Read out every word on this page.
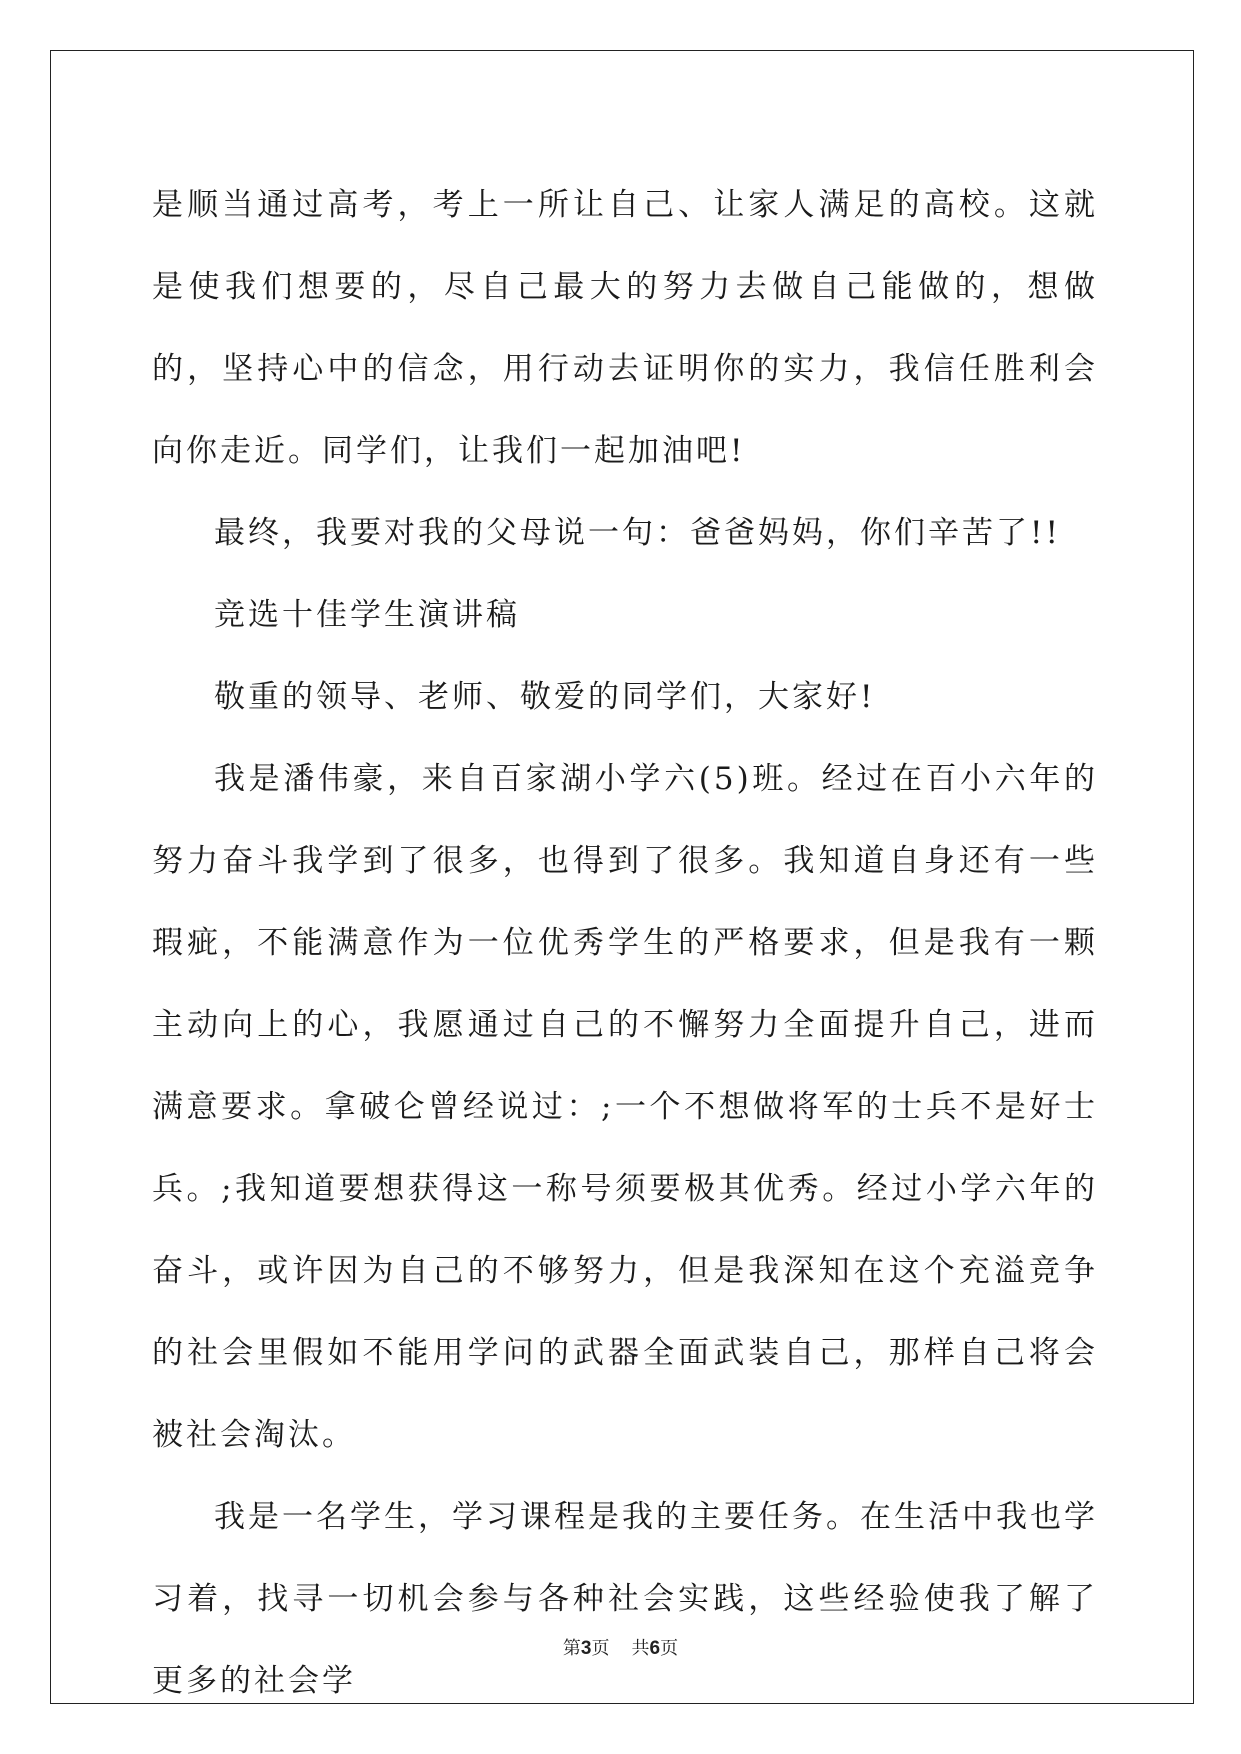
是顺当通过高考，考上一所让自己、让家人满足的高校。这就是使我们想要的，尽自己最大的努力去做自己能做的，想做的，坚持心中的信念，用行动去证明你的实力，我信任胜利会向你走近。同学们，让我们一起加油吧!

最终，我要对我的父母说一句：爸爸妈妈，你们辛苦了!!

竞选十佳学生演讲稿

敬重的领导、老师、敬爱的同学们，大家好!

我是潘伟豪，来自百家湖小学六(5)班。经过在百小六年的努力奋斗我学到了很多，也得到了很多。我知道自身还有一些瑕疵，不能满意作为一位优秀学生的严格要求，但是我有一颗主动向上的心，我愿通过自己的不懈努力全面提升自己，进而满意要求。拿破仑曾经说过：;一个不想做将军的士兵不是好士兵。;我知道要想获得这一称号须要极其优秀。经过小学六年的奋斗，或许因为自己的不够努力，但是我深知在这个充溢竞争的社会里假如不能用学问的武器全面武装自己，那样自己将会被社会淘汰。

我是一名学生，学习课程是我的主要任务。在生活中我也学习着，找寻一切机会参与各种社会实践，这些经验使我了解了更多的社会学

第3页 共6页
